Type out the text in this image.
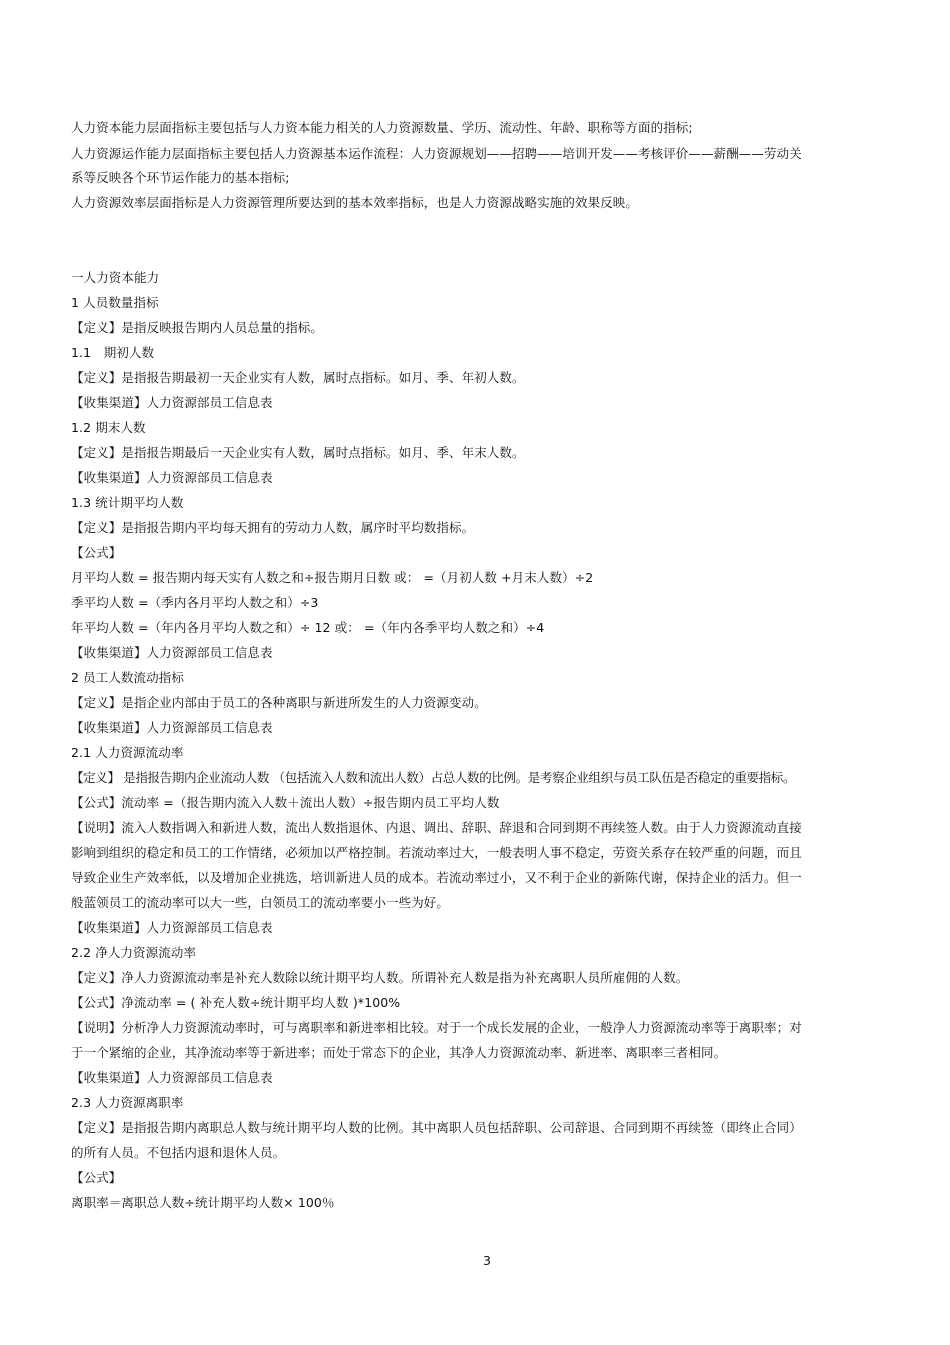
人力资本能力层面指标主要包括与人力资本能力相关的人力资源数量、学历、流动性、年龄、职称等方面的指标;
人力资源运作能力层面指标主要包括人力资源基本运作流程：人力资源规划——招聘——培训开发——考核评价——薪酬——劳动关
系等反映各个环节运作能力的基本指标;
人力资源效率层面指标是人力资源管理所要达到的基本效率指标，也是人力资源战略实施的效果反映。
一人力资本能力
1 人员数量指标
【定义】是指反映报告期内人员总量的指标。
1.1　期初人数
【定义】是指报告期最初一天企业实有人数，属时点指标。如月、季、年初人数。
【收集渠道】人力资源部员工信息表
1.2 期末人数
【定义】是指报告期最后一天企业实有人数，属时点指标。如月、季、年末人数。
【收集渠道】人力资源部员工信息表
1.3 统计期平均人数
【定义】是指报告期内平均每天拥有的劳动力人数，属序时平均数指标。
【公式】
月平均人数 = 报告期内每天实有人数之和÷报告期月日数 或： =（月初人数 +月末人数）÷2
季平均人数 =（季内各月平均人数之和）÷3
年平均人数 =（年内各月平均人数之和）÷ 12 或： =（年内各季平均人数之和）÷4
【收集渠道】人力资源部员工信息表
2 员工人数流动指标
【定义】是指企业内部由于员工的各种离职与新进所发生的人力资源变动。
【收集渠道】人力资源部员工信息表
2.1 人力资源流动率
【定义】 是指报告期内企业流动人数 （包括流入人数和流出人数）占总人数的比例。是考察企业组织与员工队伍是否稳定的重要指标。
【公式】流动率 =（报告期内流入人数＋流出人数）÷报告期内员工平均人数
【说明】流入人数指调入和新进人数，流出人数指退休、内退、调出、辞职、辞退和合同到期不再续签人数。由于人力资源流动直接
影响到组织的稳定和员工的工作情绪，必须加以严格控制。若流动率过大，一般表明人事不稳定，劳资关系存在较严重的问题，而且
导致企业生产效率低，以及增加企业挑选，培训新进人员的成本。若流动率过小，又不利于企业的新陈代谢，保持企业的活力。但一
般蓝领员工的流动率可以大一些，白领员工的流动率要小一些为好。
【收集渠道】人力资源部员工信息表
2.2 净人力资源流动率
【定义】净人力资源流动率是补充人数除以统计期平均人数。所谓补充人数是指为补充离职人员所雇佣的人数。
【公式】净流动率 = ( 补充人数÷统计期平均人数 )*100%
【说明】分析净人力资源流动率时，可与离职率和新进率相比较。对于一个成长发展的企业，一般净人力资源流动率等于离职率；对
于一个紧缩的企业，其净流动率等于新进率；而处于常态下的企业，其净人力资源流动率、新进率、离职率三者相同。
【收集渠道】人力资源部员工信息表
2.3 人力资源离职率
【定义】是指报告期内离职总人数与统计期平均人数的比例。其中离职人员包括辞职、公司辞退、合同到期不再续签（即终止合同）
的所有人员。不包括内退和退休人员。
【公式】
离职率＝离职总人数÷统计期平均人数× 100％
3
